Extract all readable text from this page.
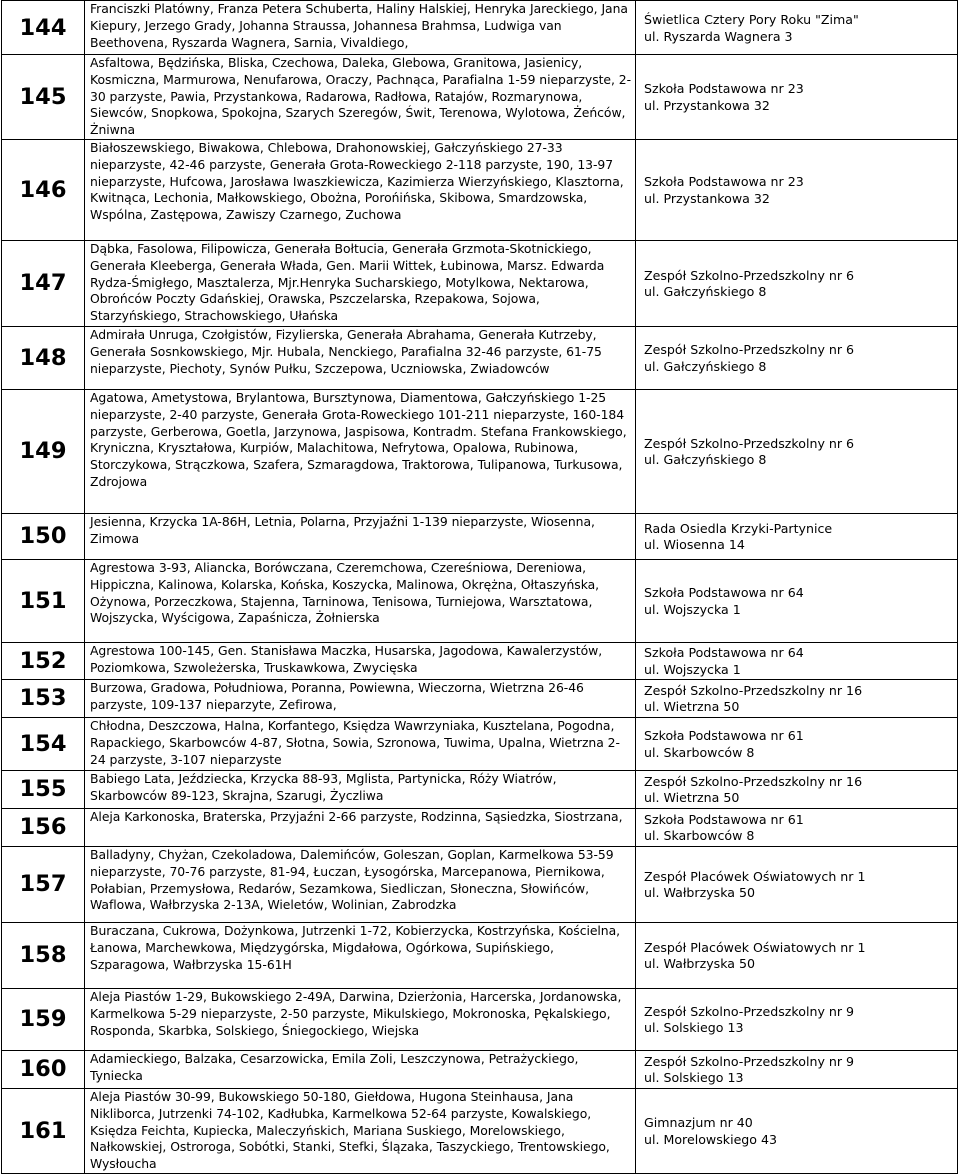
144	Franciszki Platówny, Franza Petera Schuberta, Haliny Halskiej, Henryka Jareckiego, Jana Kiepury, Jerzego Grady, Johanna Straussa, Johannesa Brahmsa, Ludwiga van Beethovena, Ryszarda Wagnera, Sarnia, Vivaldiego,	Świetlica Cztery Pory Roku "Zima"
ul. Ryszarda Wagnera 3

145	Asfaltowa, Będzińska, Bliska, Czechowa, Daleka, Glebowa, Granitowa, Jasienicy, Kosmiczna, Marmurowa, Nenufarowa, Oraczy, Pachnąca, Parafialna 1-59 nieparzyste, 2-30 parzyste, Pawia, Przystankowa, Radarowa, Radłowa, Ratajów, Rozmarynowa, Siewców, Snopkowa, Spokojna, Szarych Szeregów, Świt, Terenowa, Wylotowa, Żeńców, Żniwna	Szkoła Podstawowa nr 23
ul. Przystankowa 32

146	Białoszewskiego, Biwakowa, Chlebowa, Drahonowskiej, Gałczyńskiego 27-33 nieparzyste, 42-46 parzyste, Generała Grota-Roweckiego 2-118 parzyste, 190, 13-97 nieparzyste, Hufcowa, Jarosława Iwaszkiewicza, Kazimierza Wierzyńskiego, Klasztorna, Kwitnąca, Lechonia, Małkowskiego, Obożna, Porońińska, Skibowa, Smardzowska, Wspólna, Zastępowa, Zawiszy Czarnego, Zuchowa	Szkoła Podstawowa nr 23
ul. Przystankowa 32

147	Dąbka, Fasolowa, Filipowicza, Generała Bołtucia, Generała Grzmota-Skotnickiego, Generała Kleeberga, Generała Włada, Gen. Marii Wittek, Łubinowa, Marsz. Edwarda Rydza-Śmigłego, Masztalerza, Mjr.Henryka Sucharskiego, Motylkowa, Nektarowa, Obrońców Poczty Gdańskiej, Orawska, Pszczelarska, Rzepakowa, Sojowa, Starzyńskiego, Strachowskiego, Ułańska	Zespół Szkolno-Przedszkolny nr 6
ul. Gałczyńskiego 8

148	Admirała Unruga, Czołgistów, Fizylierska, Generała Abrahama, Generała Kutrzeby, Generała Sosnkowskiego, Mjr. Hubala, Nenckiego, Parafialna 32-46 parzyste, 61-75 nieparzyste, Piechoty, Synów Pułku, Szczepowa, Uczniowska, Zwiadowców	Zespół Szkolno-Przedszkolny nr 6
ul. Gałczyńskiego 8

149	Agatowa, Ametystowa, Brylantowa, Bursztynowa, Diamentowa, Gałczyńskiego 1-25 nieparzyste, 2-40 parzyste, Generała Grota-Roweckiego 101-211 nieparzyste, 160-184 parzyste, Gerberowa, Goetla, Jarzynowa, Jaspisowa, Kontradm. Stefana Frankowskiego, Kryniczna, Kryształowa, Kurpiów, Malachitowa, Nefrytowa, Opalowa, Rubinowa, Storczykowa, Strączkowa, Szafera, Szmaragdowa, Traktorowa, Tulipanowa, Turkusowa, Zdrojowa	Zespół Szkolno-Przedszkolny nr 6
ul. Gałczyńskiego 8

150	Jesienna, Krzycka 1A-86H, Letnia, Polarna, Przyjaźni 1-139 nieparzyste, Wiosenna, Zimowa	Rada Osiedla Krzyki-Partynice
ul. Wiosenna 14

151	Agrestowa 3-93, Aliancka, Borówczana, Czeremchowa, Czereśniowa, Dereniowa, Hippiczna, Kalinowa, Kolarska, Końska, Koszycka, Malinowa, Okrężna, Ołtaszyńska, Ożynowa, Porzeczkowa, Stajenna, Tarninowa, Tenisowa, Turniejowa, Warsztatowa, Wojszycka, Wyścigowa, Zapaśnicza, Żołnierska	Szkoła Podstawowa nr 64
ul. Wojszycka 1

152	Agrestowa 100-145, Gen. Stanisława Maczka, Husarska, Jagodowa, Kawalerzystów, Poziomkowa, Szwoleżerska, Truskawkowa, Zwycięska	Szkoła Podstawowa nr 64
ul. Wojszycka 1

153	Burzowa, Gradowa, Południowa, Poranna, Powiewna, Wieczorna, Wietrzna 26-46 parzyste, 109-137 nieparzyte, Zefirowa,	Zespół Szkolno-Przedszkolny nr 16
ul. Wietrzna 50

154	Chłodna, Deszczowa, Halna, Korfantego, Księdza Wawrzyniaka, Kusztelana, Pogodna, Rapackiego, Skarbowców 4-87, Słotna, Sowia, Szronowa, Tuwima, Upalna, Wietrzna 2-24 parzyste, 3-107 nieparzyste	Szkoła Podstawowa nr 61
ul. Skarbowców 8

155	Babiego Lata, Jeździecka, Krzycka 88-93, Mglista, Partynicka, Róży Wiatrów, Skarbowców 89-123, Skrajna, Szarugi, Życzliwa	Zespół Szkolno-Przedszkolny nr 16
ul. Wietrzna 50

156	Aleja Karkonoska, Braterska, Przyjaźni 2-66 parzyste, Rodzinna, Sąsiedzka, Siostrzana,	Szkoła Podstawowa nr 61
ul. Skarbowców 8

157	Balladyny, Chyżan, Czekoladowa, Dalemińców, Goleszan, Goplan, Karmelkowa 53-59 nieparzyste, 70-76 parzyste, 81-94, Łuczan, Łysogórska, Marcepanowa, Piernikowa, Połabian, Przemysłowa, Redarów, Sezamkowa, Siedliczan, Słoneczna, Słowińców, Waflowa, Wałbrzyska 2-13A, Wieletów, Wolinian, Zabrodzka	Zespół Placówek Oświatowych nr 1
ul. Wałbrzyska 50

158	Buraczana, Cukrowa, Dożynkowa, Jutrzenki 1-72, Kobierzycka, Kostrzyńska, Kościelna, Łanowa, Marchewkowa, Międzygórska, Migdałowa, Ogórkowa, Supińskiego, Szparagowa, Wałbrzyska 15-61H	Zespół Placówek Oświatowych nr 1
ul. Wałbrzyska 50

159	Aleja Piastów 1-29, Bukowskiego 2-49A, Darwina, Dzierżonia, Harcerska, Jordanowska, Karmelkowa 5-29 nieparzyste, 2-50 parzyste, Mikulskiego, Mokronoska, Pękalskiego, Rosponda, Skarbka, Solskiego, Śniegockiego, Wiejska	Zespół Szkolno-Przedszkolny nr 9
ul. Solskiego 13

160	Adamieckiego, Balzaka, Cesarzowicka, Emila Zoli, Leszczynowa, Petrażyckiego, Tyniecka	Zespół Szkolno-Przedszkolny nr 9
ul. Solskiego 13

161	Aleja Piastów 30-99, Bukowskiego 50-180, Giełdowa, Hugona Steinhausa, Jana Nikliborca, Jutrzenki 74-102, Kadłubka, Karmelkowa 52-64 parzyste, Kowalskiego, Księdza Feichta, Kupiecka, Maleczyńskich, Mariana Suskiego, Morelowskiego, Nałkowskiej, Ostroroga, Sobótki, Stanki, Stefki, Ślązaka, Taszyckiego, Trentowskiego, Wysłoucha	Gimnazjum nr 40
ul. Morelowskiego 43
